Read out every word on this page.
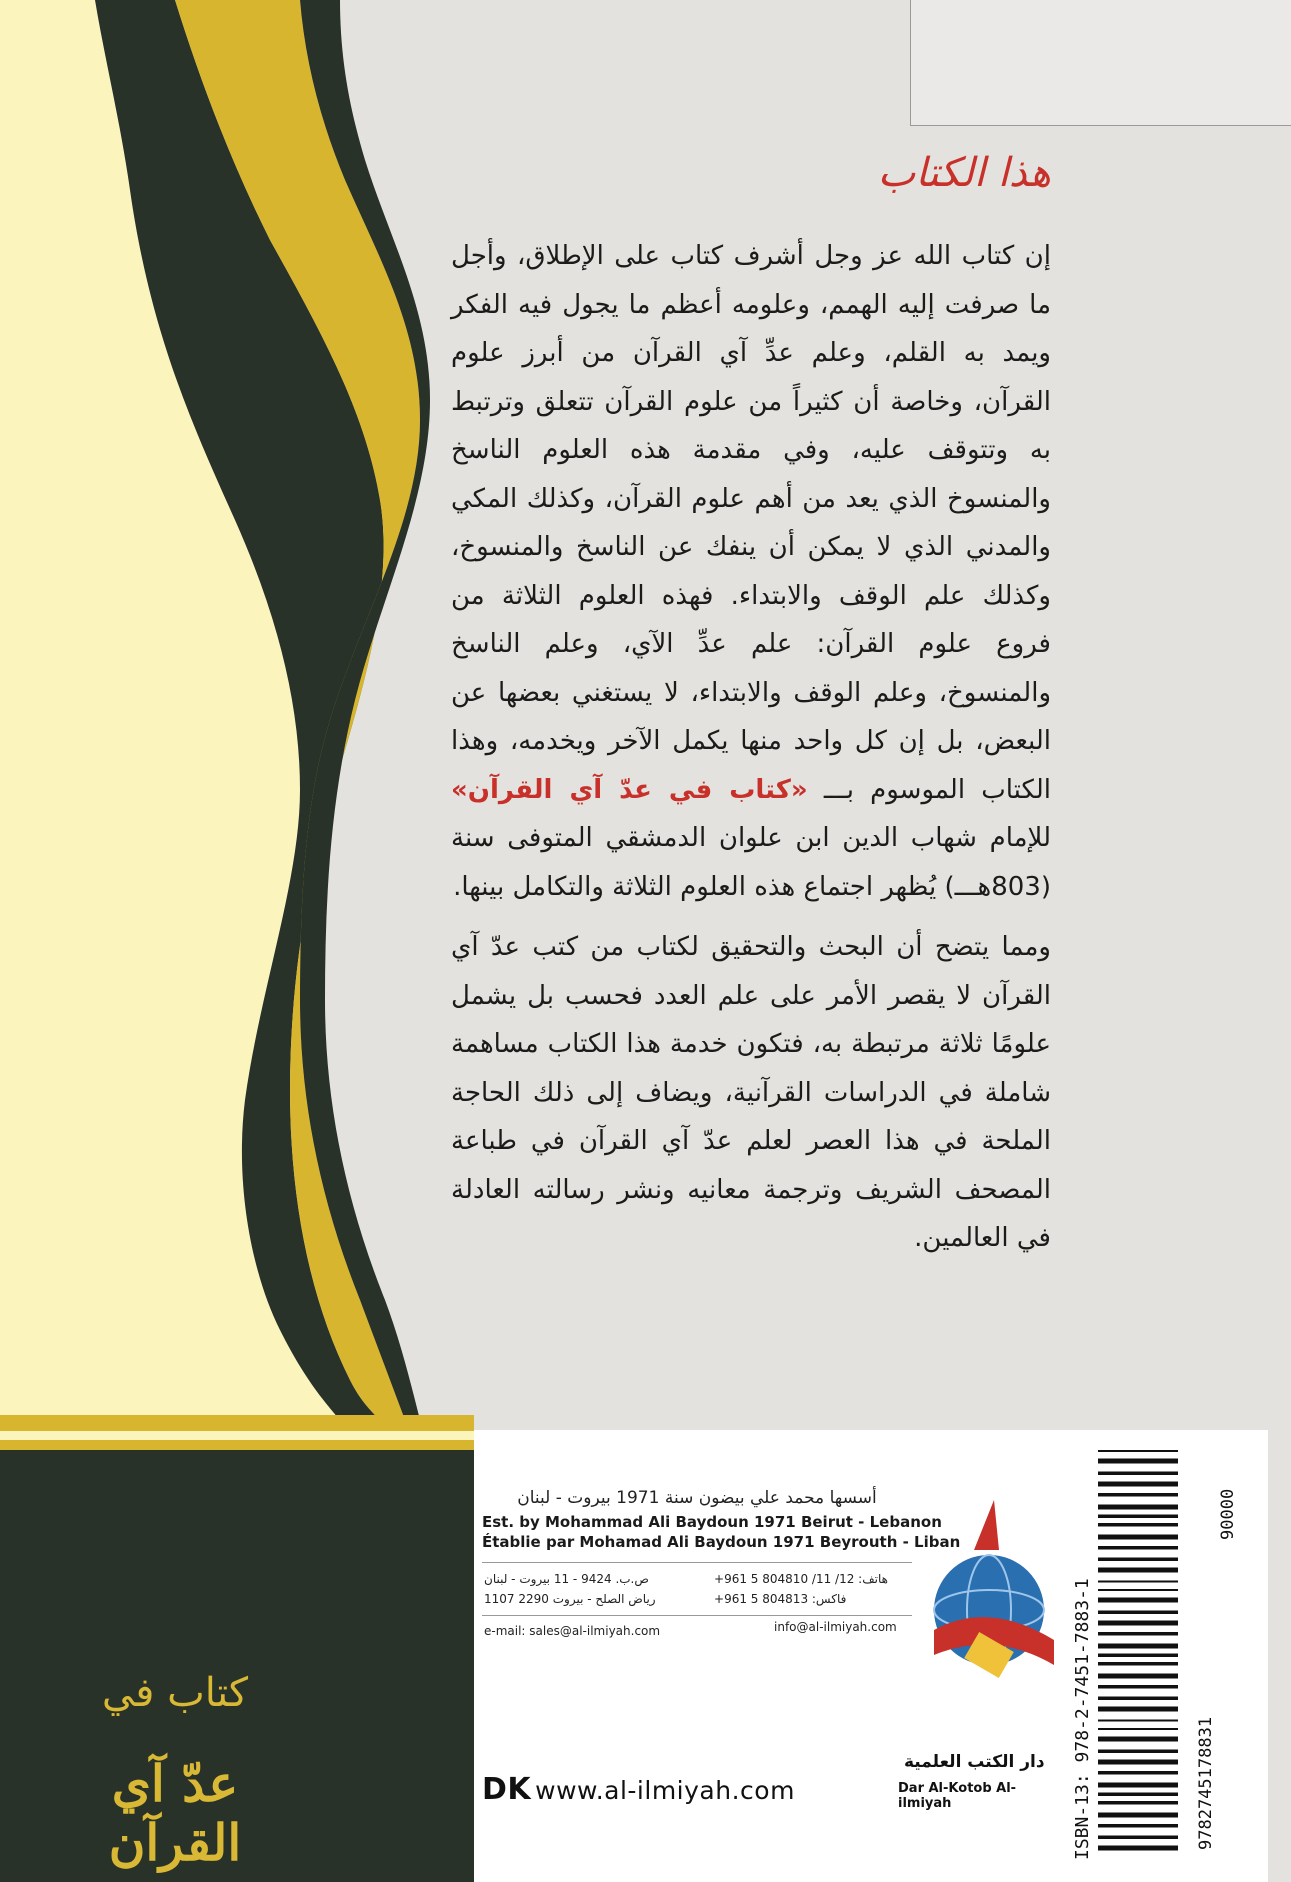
هذا الكتاب

إن كتاب الله عز وجل أشرف كتاب على الإطلاق، وأجل ما صرفت إليه الهمم، وعلومه أعظم ما يجول فيه الفكر ويمد به القلم، وعلم عدِّ آي القرآن من أبرز علوم القرآن، وخاصة أن كثيراً من علوم القرآن تتعلق وترتبط به وتتوقف عليه، وفي مقدمة هذه العلوم الناسخ والمنسوخ الذي يعد من أهم علوم القرآن، وكذلك المكي والمدني الذي لا يمكن أن ينفك عن الناسخ والمنسوخ، وكذلك علم الوقف والابتداء. فهذه العلوم الثلاثة من فروع علوم القرآن: علم عدِّ الآي، وعلم الناسخ والمنسوخ، وعلم الوقف والابتداء، لا يستغني بعضها عن البعض، بل إن كل واحد منها يكمل الآخر ويخدمه، وهذا الكتاب الموسوم بـــ «كتاب في عدّ آي القرآن» للإمام شهاب الدين ابن علوان الدمشقي المتوفى سنة (803هـــ) يُظهر اجتماع هذه العلوم الثلاثة والتكامل بينها.

ومما يتضح أن البحث والتحقيق لكتاب من كتب عدّ آي القرآن لا يقصر الأمر على علم العدد فحسب بل يشمل علومًا ثلاثة مرتبطة به، فتكون خدمة هذا الكتاب مساهمة شاملة في الدراسات القرآنية، ويضاف إلى ذلك الحاجة الملحة في هذا العصر لعلم عدّ آي القرآن في طباعة المصحف الشريف وترجمة معانيه ونشر رسالته العادلة في العالمين.

كتاب في
عدّ آي القرآن
أسسها محمد علي بيضون سنة 1971 بيروت - لبنان
Est. by Mohammad Ali Baydoun 1971 Beirut - Lebanon
Établie par Mohamad Ali Baydoun 1971 Beyrouth - Liban
هاتف: 12/ 11/ 804810 5 961+
فاكس: 804813 5 961+
ص.ب. 9424 - 11 بيروت - لبنان
رياض الصلح - بيروت 2290 1107
e-mail: sales@al-ilmiyah.com	info@al-ilmiyah.com
دار الكتب العلمية
DK www.al-ilmiyah.com	Dar Al-Kotob Al-ilmiyah	ISBN-13: 978-2-7451-7883-1	9782745178831
90000
